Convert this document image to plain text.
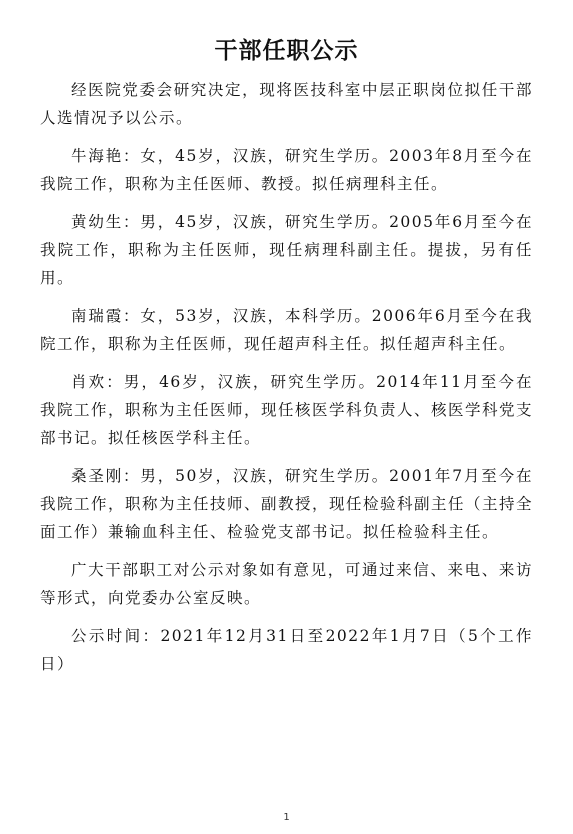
干部任职公示

经医院党委会研究决定，现将医技科室中层正职岗位拟任干部人选情况予以公示。

牛海艳：女，45岁，汉族，研究生学历。2003年8月至今在我院工作，职称为主任医师、教授。拟任病理科主任。

黄幼生：男，45岁，汉族，研究生学历。2005年6月至今在我院工作，职称为主任医师，现任病理科副主任。提拔，另有任用。

南瑞霞：女，53岁，汉族，本科学历。2006年6月至今在我院工作，职称为主任医师，现任超声科主任。拟任超声科主任。

肖欢：男，46岁，汉族，研究生学历。2014年11月至今在我院工作，职称为主任医师，现任核医学科负责人、核医学科党支部书记。拟任核医学科主任。

桑圣刚：男，50岁，汉族，研究生学历。2001年7月至今在我院工作，职称为主任技师、副教授，现任检验科副主任（主持全面工作）兼输血科主任、检验党支部书记。拟任检验科主任。

广大干部职工对公示对象如有意见，可通过来信、来电、来访等形式，向党委办公室反映。

公示时间：2021年12月31日至2022年1月7日（5个工作日）

1
